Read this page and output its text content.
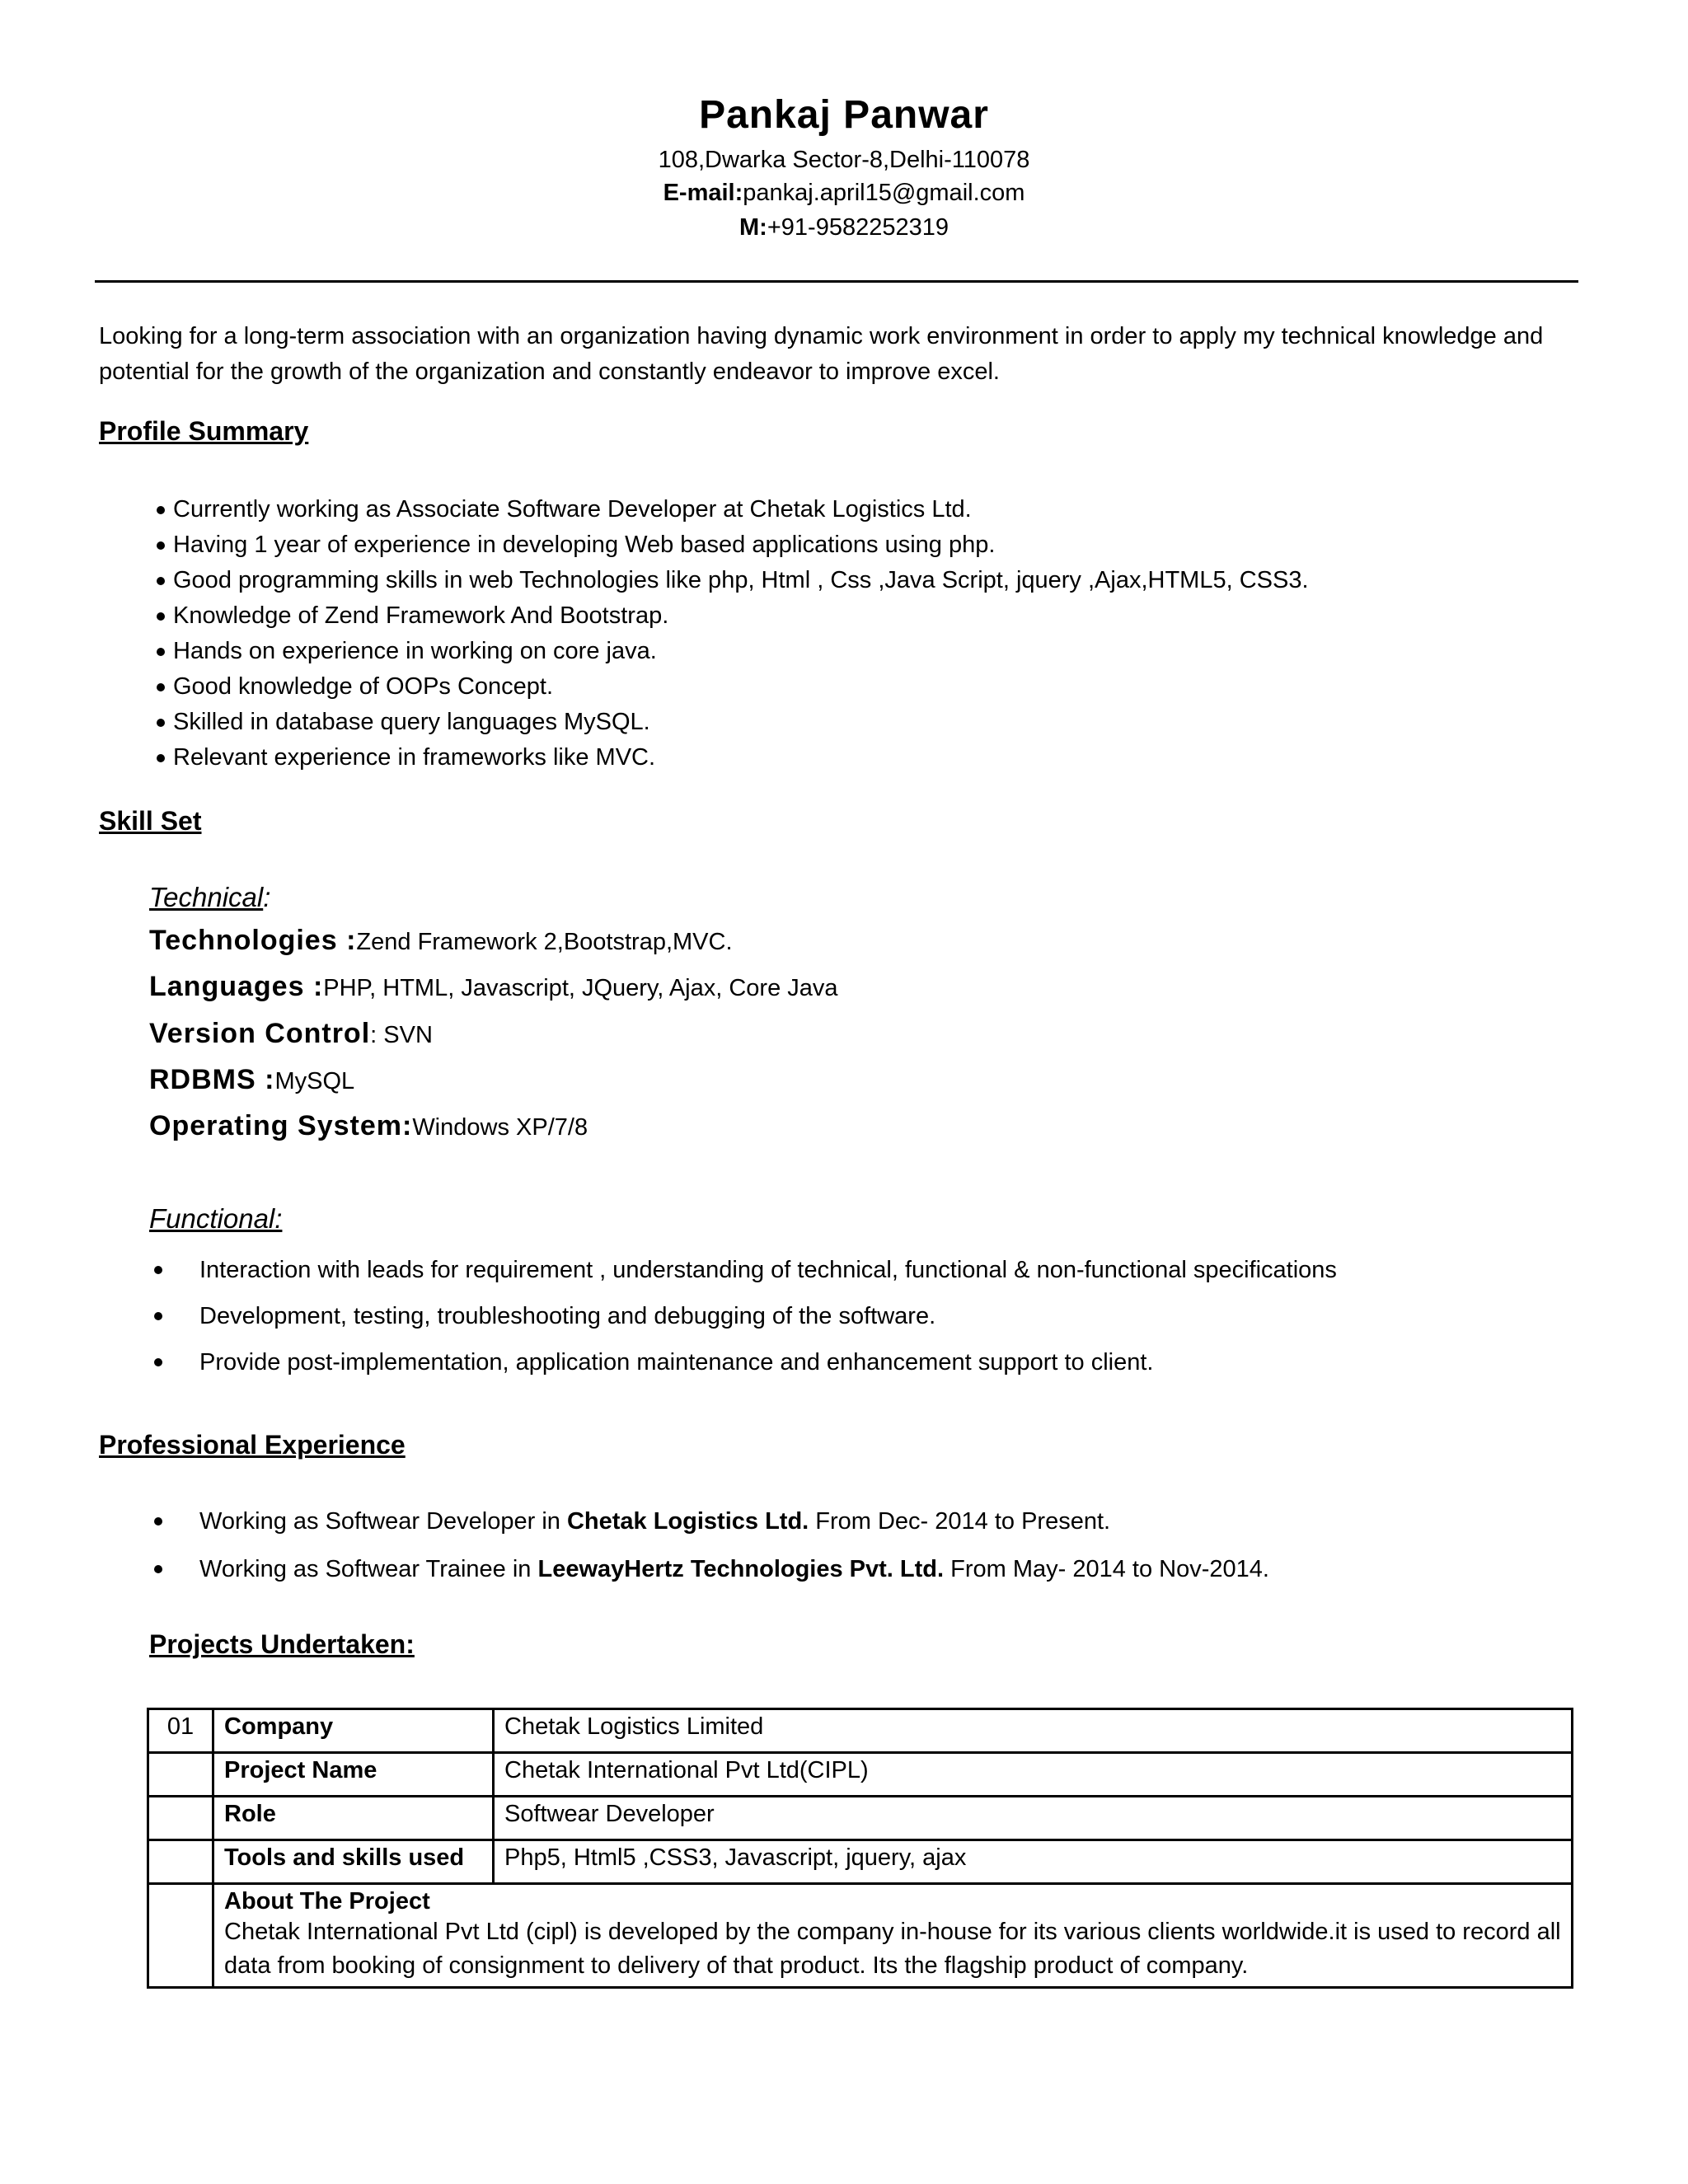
Pankaj Panwar
108,Dwarka Sector-8,Delhi-110078
E-mail:pankaj.april15@gmail.com
M:+91-9582252319
Looking for a long-term association with an organization having dynamic work environment in order to apply my technical knowledge and potential for the growth of the organization and constantly endeavor to improve excel.
Profile Summary
Currently working as Associate Software Developer at Chetak Logistics Ltd.
Having 1 year of experience in developing Web based applications using php.
Good programming skills in web Technologies like php, Html , Css ,Java Script, jquery ,Ajax,HTML5, CSS3.
Knowledge of Zend Framework And Bootstrap.
Hands on experience in working on core java.
Good knowledge of OOPs Concept.
Skilled in database query languages MySQL.
Relevant experience in frameworks like MVC.
Skill Set
Technical:
Technologies :Zend Framework 2,Bootstrap,MVC.
Languages :PHP, HTML, Javascript, JQuery, Ajax, Core Java
Version Control: SVN
RDBMS :MySQL
Operating System:Windows XP/7/8
Functional:
Interaction with leads for requirement , understanding of technical, functional & non-functional specifications
Development, testing, troubleshooting and debugging of the software.
Provide post-implementation, application maintenance and enhancement support to client.
Professional Experience
Working as Softwear Developer in Chetak Logistics Ltd. From Dec- 2014 to Present.
Working as Softwear Trainee in LeewayHertz Technologies Pvt. Ltd. From May- 2014 to Nov-2014.
Projects Undertaken:
01	Company	Chetak Logistics Limited
	Project Name	Chetak International Pvt Ltd(CIPL)
	Role	Softwear Developer
	Tools and skills used	Php5, Html5 ,CSS3, Javascript, jquery, ajax

	About The Project
Chetak International Pvt Ltd (cipl) is developed by the company in-house for its various clients worldwide.it is used to record all data from booking of consignment to delivery of that product. Its the flagship product of company.	
